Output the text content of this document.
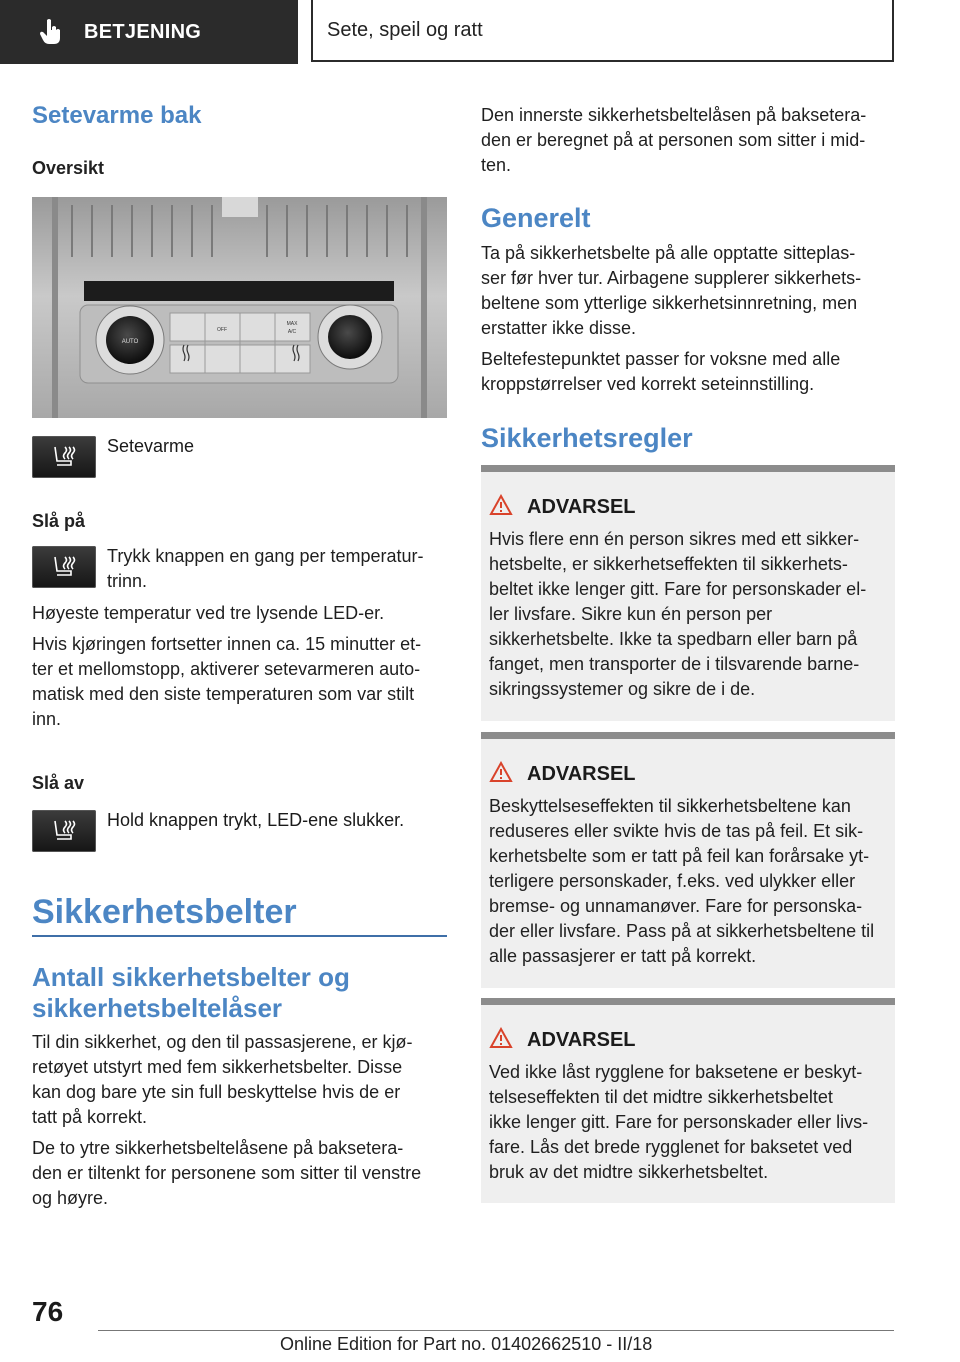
BETJENING	Sete, speil og ratt
Setevarme bak
Oversikt
AUTO
OFF
MAX
A/C
Setevarme
Slå på

Trykk knappen en gang per temperatur-

trinn.

Høyeste temperatur ved tre lysende LED-er.

Hvis kjøringen fortsetter innen ca. 15 minutter et-

ter et mellomstopp, aktiverer setevarmeren auto-

matisk med den siste temperaturen som var stilt

inn.

Slå av
Hold knappen trykt, LED-ene slukker.
Sikkerhetsbelter
Antall sikkerhetsbelter og
sikkerhetsbeltelåser

Til din sikkerhet, og den til passasjerene, er kjø-

retøyet utstyrt med fem sikkerhetsbelter. Disse

kan dog bare yte sin full beskyttelse hvis de er

tatt på korrekt.

De to ytre sikkerhetsbeltelåsene på baksetera-

den er tiltenkt for personene som sitter til venstre

og høyre.

Den innerste sikkerhetsbeltelåsen på baksetera-

den er beregnet på at personen som sitter i mid-

ten.

Generelt

Ta på sikkerhetsbelte på alle opptatte sitteplas-

ser før hver tur. Airbagene supplerer sikkerhets-

beltene som ytterlige sikkerhetsinnretning, men

erstatter ikke disse.

Beltefestepunktet passer for voksne med alle

kroppstørrelser ved korrekt seteinnstilling.

Sikkerhetsregler
ADVARSEL

Hvis flere enn én person sikres med ett sikker-

hetsbelte, er sikkerhetseffekten til sikkerhets-

beltet ikke lenger gitt. Fare for personskader el-

ler livsfare. Sikre kun én person per

sikkerhetsbelte. Ikke ta spedbarn eller barn på

fanget, men transporter de i tilsvarende barne-

sikringssystemer og sikre de i de.

ADVARSEL

Beskyttelseseffekten til sikkerhetsbeltene kan

reduseres eller svikte hvis de tas på feil. Et sik-

kerhetsbelte som er tatt på feil kan forårsake yt-

terligere personskader, f.eks. ved ulykker eller

bremse- og unnamanøver. Fare for personska-

der eller livsfare. Pass på at sikkerhetsbeltene til

alle passasjerer er tatt på korrekt.

ADVARSEL

Ved ikke låst rygglene for baksetene er beskyt-

telseseffekten til det midtre sikkerhetsbeltet

ikke lenger gitt. Fare for personskader eller livs-

fare. Lås det brede rygglenet for baksetet ved

bruk av det midtre sikkerhetsbeltet.

76
Online Edition for Part no. 01402662510 - II/18
